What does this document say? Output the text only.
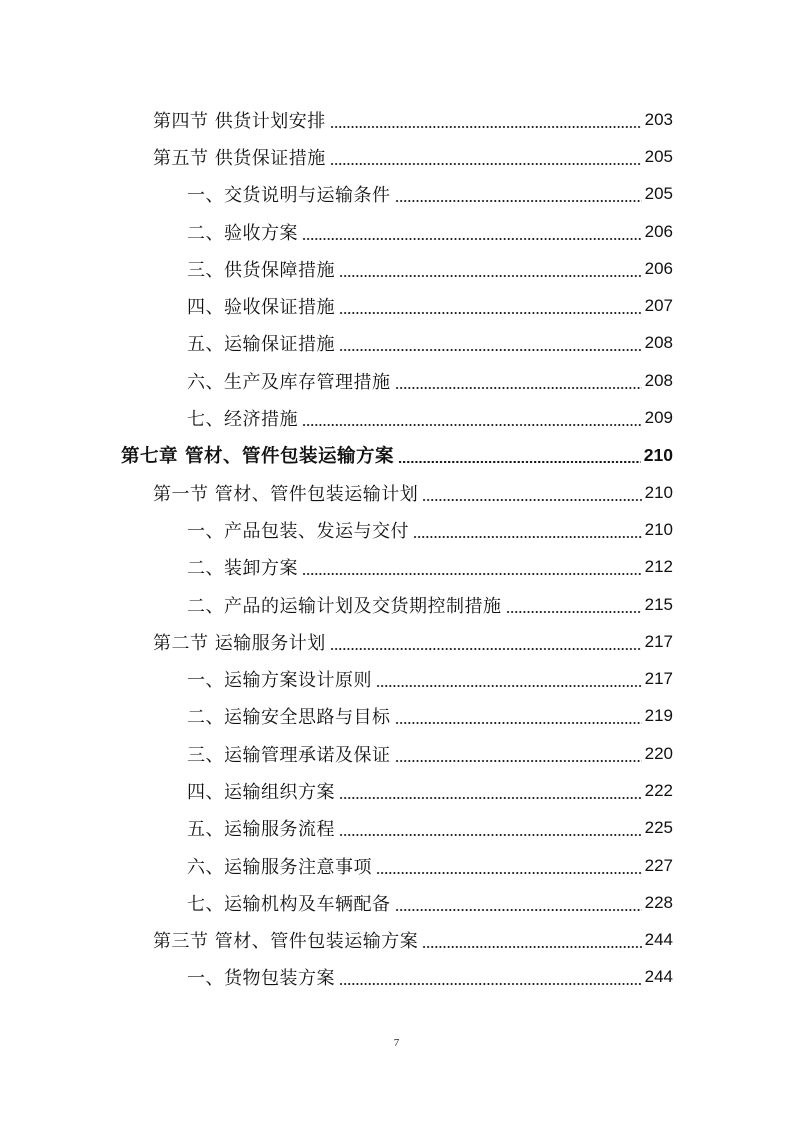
第四节 供货计划安排	203
第五节 供货保证措施	205
一、交货说明与运输条件	205
二、验收方案	206
三、供货保障措施	206
四、验收保证措施	207
五、运输保证措施	208
六、生产及库存管理措施	208
七、经济措施	209
第七章 管材、管件包装运输方案	210
第一节 管材、管件包装运输计划	210
一、产品包装、发运与交付	210
二、装卸方案	212
二、产品的运输计划及交货期控制措施	215
第二节 运输服务计划	217
一、运输方案设计原则	217
二、运输安全思路与目标	219
三、运输管理承诺及保证	220
四、运输组织方案	222
五、运输服务流程	225
六、运输服务注意事项	227
七、运输机构及车辆配备	228
第三节 管材、管件包装运输方案	244
一、货物包装方案	244
7
